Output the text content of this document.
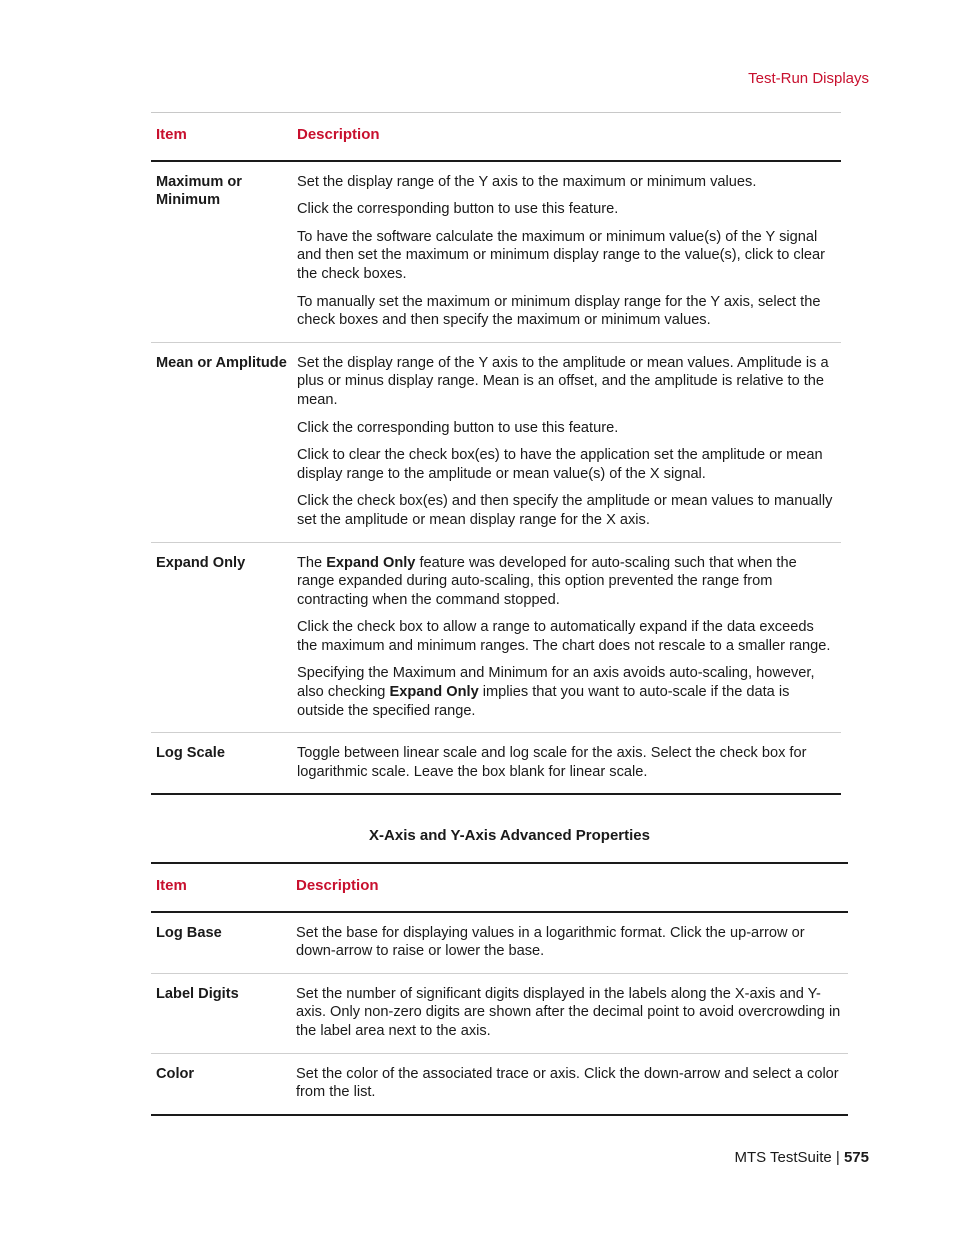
Test-Run Displays
Item	Description
Maximum or Minimum	Set the display range of the Y axis to the maximum or minimum values.

Click the corresponding button to use this feature.

To have the software calculate the maximum or minimum value(s) of the Y signal and then set the maximum or minimum display range to the value(s), click to clear the check boxes.

To manually set the maximum or minimum display range for the Y axis, select the check boxes and then specify the maximum or minimum values.

Mean or Amplitude	Set the display range of the Y axis to the amplitude or mean values. Amplitude is a plus or minus display range. Mean is an offset, and the amplitude is relative to the mean.

Click the corresponding button to use this feature.

Click to clear the check box(es) to have the application set the amplitude or mean display range to the amplitude or mean value(s) of the X signal.

Click the check box(es) and then specify the amplitude or mean values to manually set the amplitude or mean display range for the X axis.

Expand Only	The Expand Only feature was developed for auto-scaling such that when the range expanded during auto-scaling, this option prevented the range from contracting when the command stopped.

Click the check box to allow a range to automatically expand if the data exceeds the maximum and minimum ranges. The chart does not rescale to a smaller range.

Specifying the Maximum and Minimum for an axis avoids auto-scaling, however, also checking Expand Only implies that you want to auto-scale if the data is outside the specified range.

Log Scale	Toggle between linear scale and log scale for the axis. Select the check box for logarithmic scale. Leave the box blank for linear scale.

X-Axis and Y-Axis Advanced Properties
Item	Description
Log Base	Set the base for displaying values in a logarithmic format. Click the up-arrow or down-arrow to raise or lower the base.
Label Digits	Set the number of significant digits displayed in the labels along the X-axis and Y-axis. Only non-zero digits are shown after the decimal point to avoid overcrowding in the label area next to the axis.
Color	Set the color of the associated trace or axis. Click the down-arrow and select a color from the list.
MTS TestSuite | 575
